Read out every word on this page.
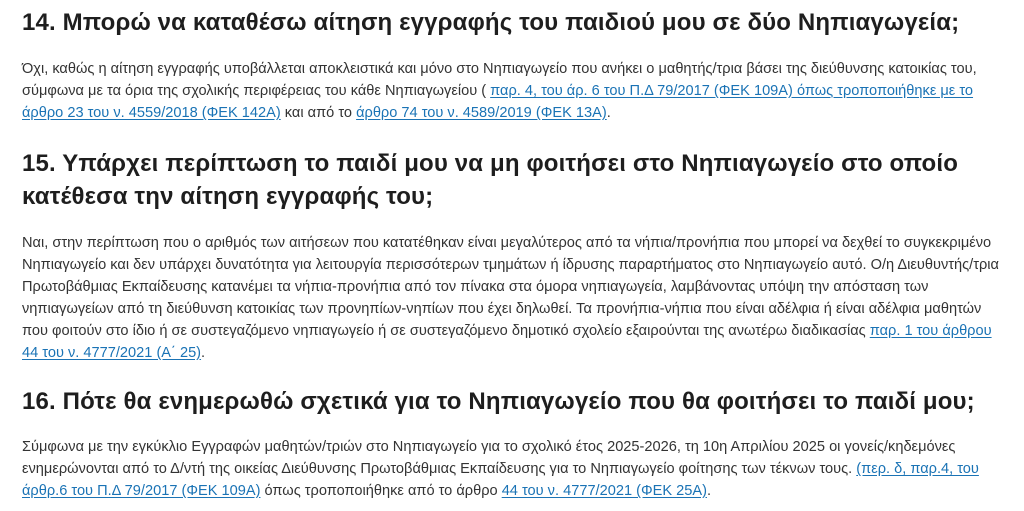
14. Μπορώ να καταθέσω αίτηση εγγραφής του παιδιού μου σε δύο Νηπιαγωγεία;

Όχι, καθώς η αίτηση εγγραφής υποβάλλεται αποκλειστικά και μόνο στο Νηπιαγωγείο που ανήκει ο μαθητής/τρια βάσει της διεύθυνσης κατοικίας του, σύμφωνα με τα όρια της σχολικής περιφέρειας του κάθε Νηπιαγωγείου ( παρ. 4, του άρ. 6 του Π.Δ 79/2017 (ΦΕΚ 109Α) όπως τροποποιήθηκε με το άρθρο 23 του ν. 4559/2018 (ΦΕΚ 142Α) και από το άρθρο 74 του ν. 4589/2019 (ΦΕΚ 13Α).

15. Υπάρχει περίπτωση το παιδί μου να μη φοιτήσει στο Νηπιαγωγείο στο οποίο κατέθεσα την αίτηση εγγραφής του;

Ναι, στην περίπτωση που ο αριθμός των αιτήσεων που κατατέθηκαν είναι μεγαλύτερος από τα νήπια/προνήπια που μπορεί να δεχθεί το συγκεκριμένο Νηπιαγωγείο και δεν υπάρχει δυνατότητα για λειτουργία περισσότερων τμημάτων ή ίδρυσης παραρτήματος στο Νηπιαγωγείο αυτό. Ο/η Διευθυντής/τρια Πρωτοβάθμιας Εκπαίδευσης κατανέμει τα νήπια-προνήπια από τον πίνακα στα όμορα νηπιαγωγεία, λαμβάνοντας υπόψη την απόσταση των νηπιαγωγείων από τη διεύθυνση κατοικίας των προνηπίων-νηπίων που έχει δηλωθεί. Τα προνήπια-νήπια που είναι αδέλφια ή είναι αδέλφια μαθητών που φοιτούν στο ίδιο ή σε συστεγαζόμενο νηπιαγωγείο ή σε συστεγαζόμενο δημοτικό σχολείο εξαιρούνται της ανωτέρω διαδικασίας παρ. 1 του άρθρου 44 του ν. 4777/2021 (Α΄ 25).

16. Πότε θα ενημερωθώ σχετικά για το Νηπιαγωγείο που θα φοιτήσει το παιδί μου;

Σύμφωνα με την εγκύκλιο Εγγραφών μαθητών/τριών στο Νηπιαγωγείο για το σχολικό έτος 2025-2026, τη 10η Απριλίου 2025 οι γονείς/κηδεμόνες ενημερώνονται από το Δ/ντή της οικείας Διεύθυνσης Πρωτοβάθμιας Εκπαίδευσης για το Νηπιαγωγείο φοίτησης των τέκνων τους. (περ. δ, παρ.4, του άρθρ.6 του Π.Δ 79/2017 (ΦΕΚ 109Α) όπως τροποποιήθηκε από το άρθρο 44 του ν. 4777/2021 (ΦΕΚ 25Α).
